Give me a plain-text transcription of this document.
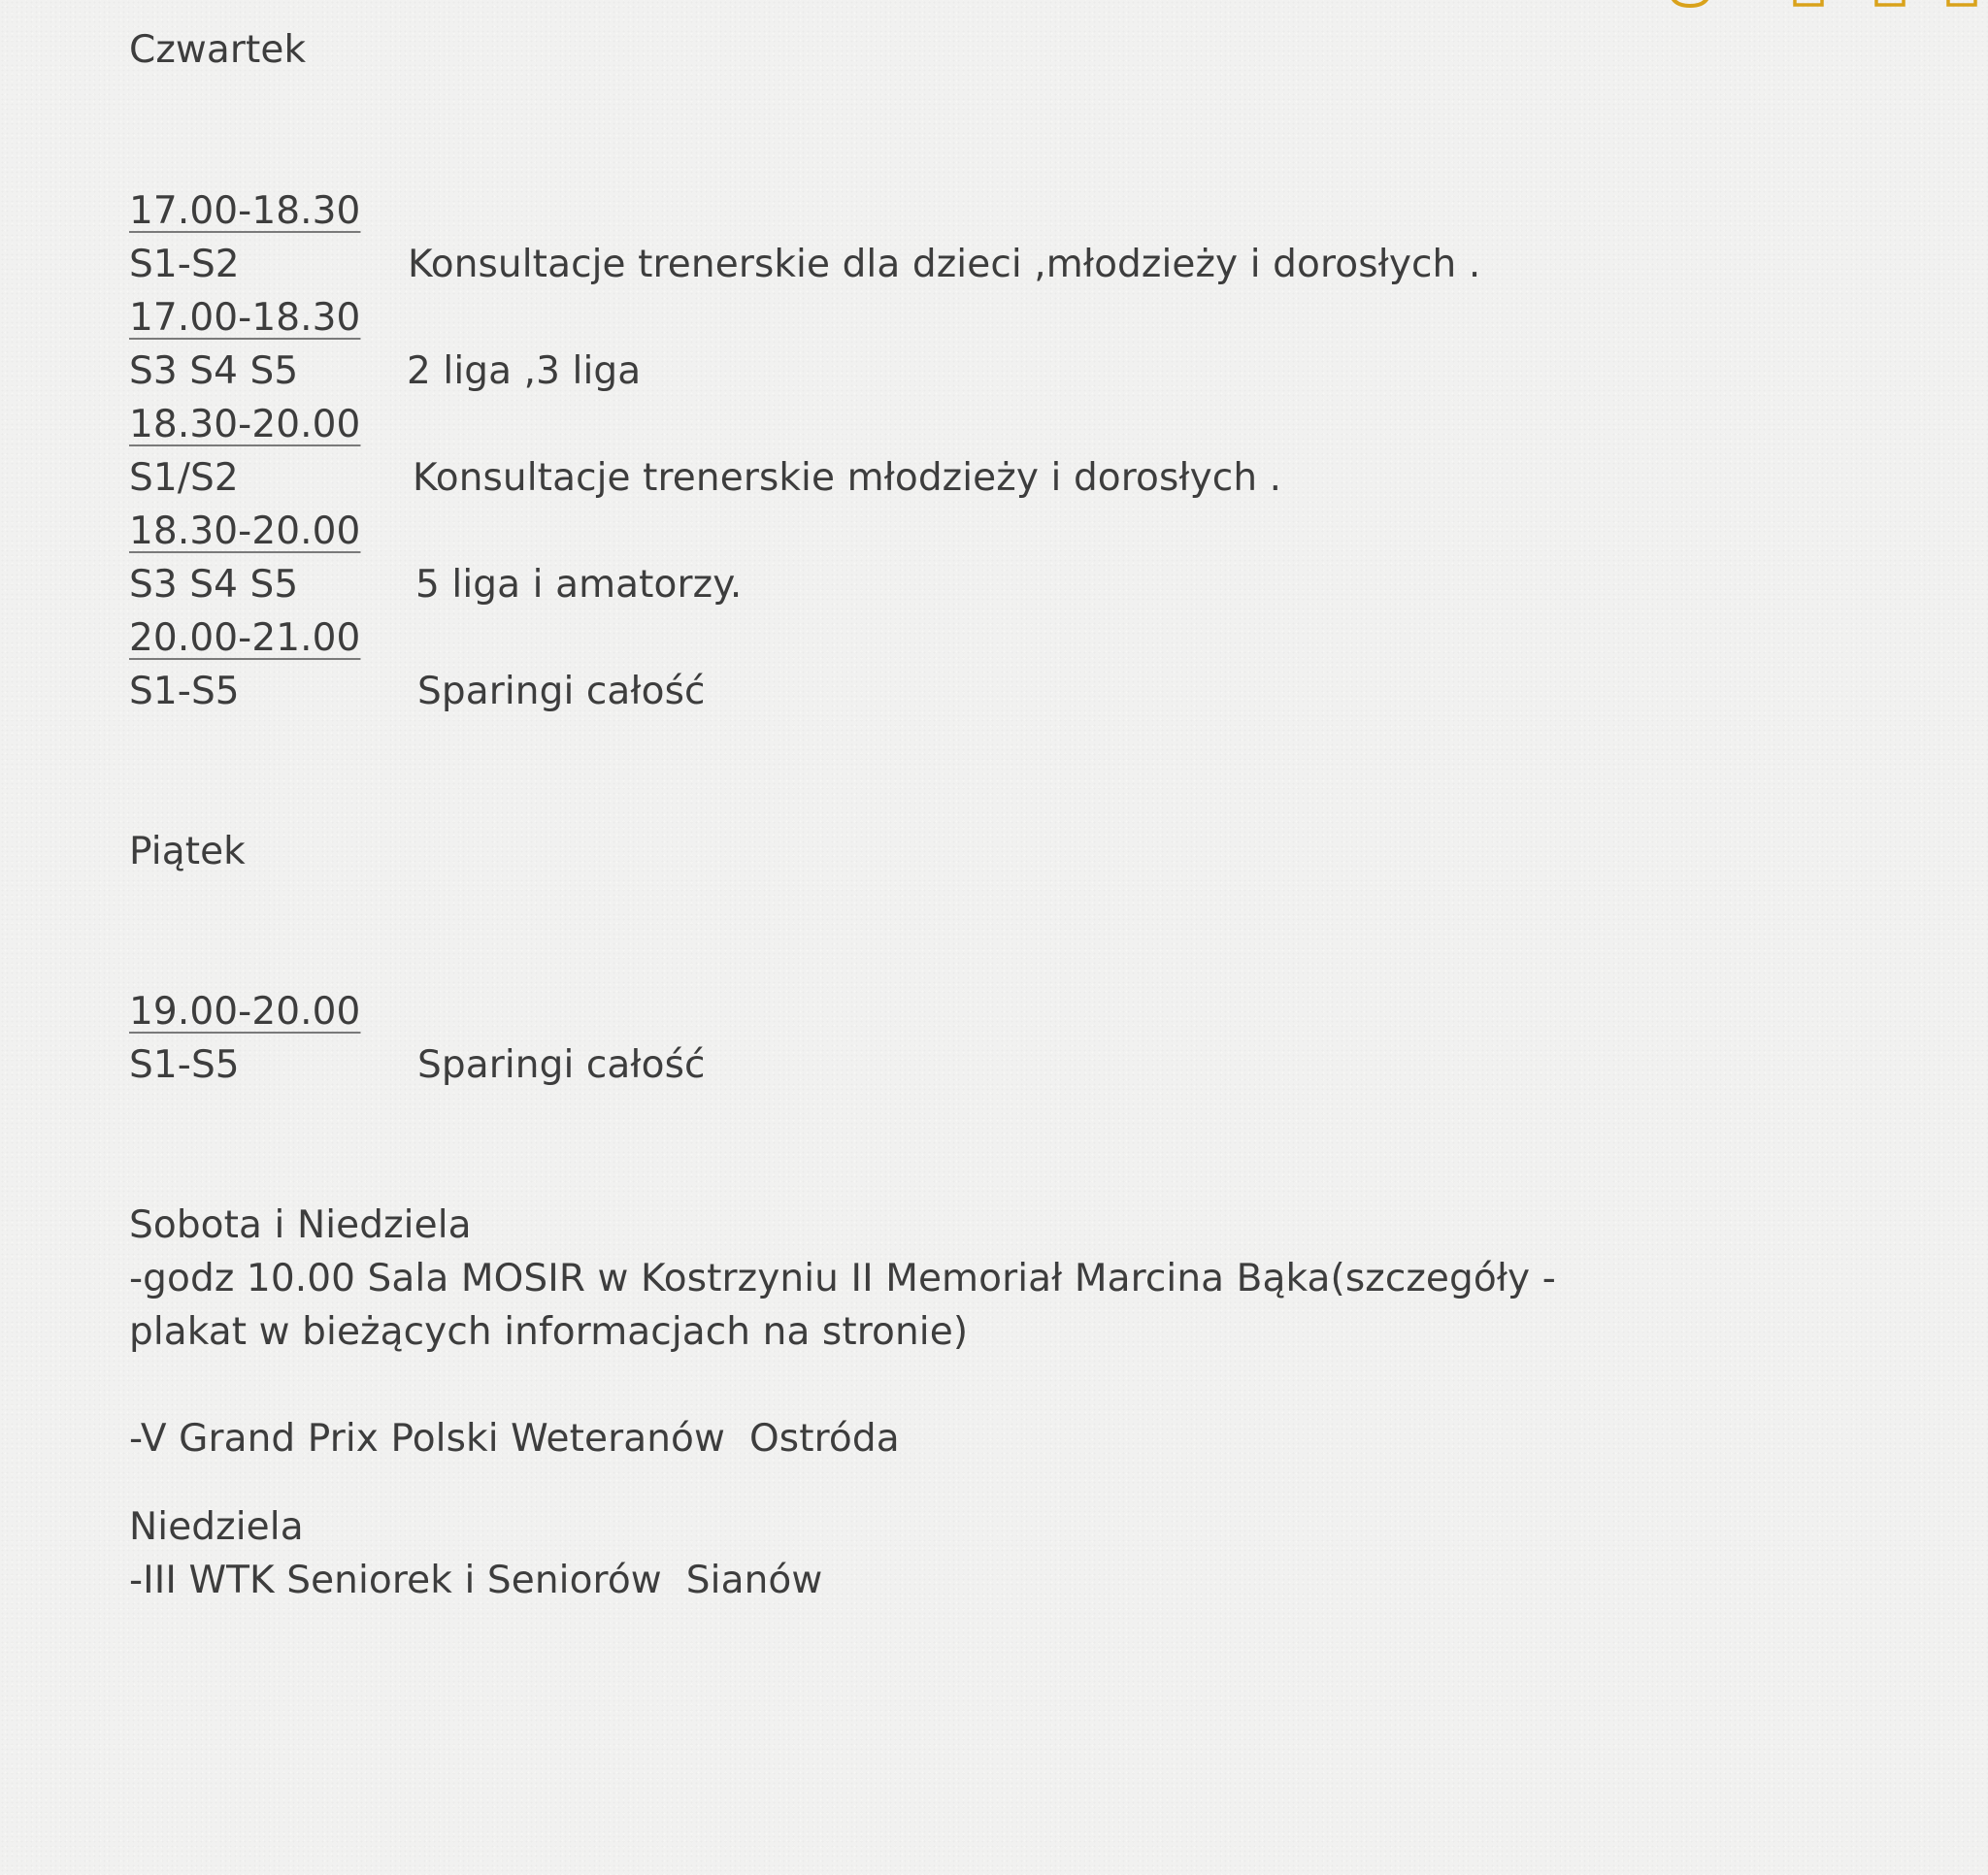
Czwartek
17.00-18.30
S1-S2	Konsultacje trenerskie dla dzieci ,młodzieży i dorosłych .
17.00-18.30
S3 S4 S5	2 liga ,3 liga
18.30-20.00
S1/S2	Konsultacje trenerskie młodzieży i dorosłych .
18.30-20.00
S3 S4 S5	5 liga i amatorzy.
20.00-21.00
S1-S5	Sparingi całość
Piątek
19.00-20.00
S1-S5	Sparingi całość
Sobota i Niedziela
-godz 10.00 Sala MOSIR w Kostrzyniu II Memoriał Marcina Bąka(szczegóły -plakat w bieżących informacjach na stronie)
-V Grand Prix Polski Weteranów  Ostróda
Niedziela
-III WTK Seniorek i Seniorów  Sianów
